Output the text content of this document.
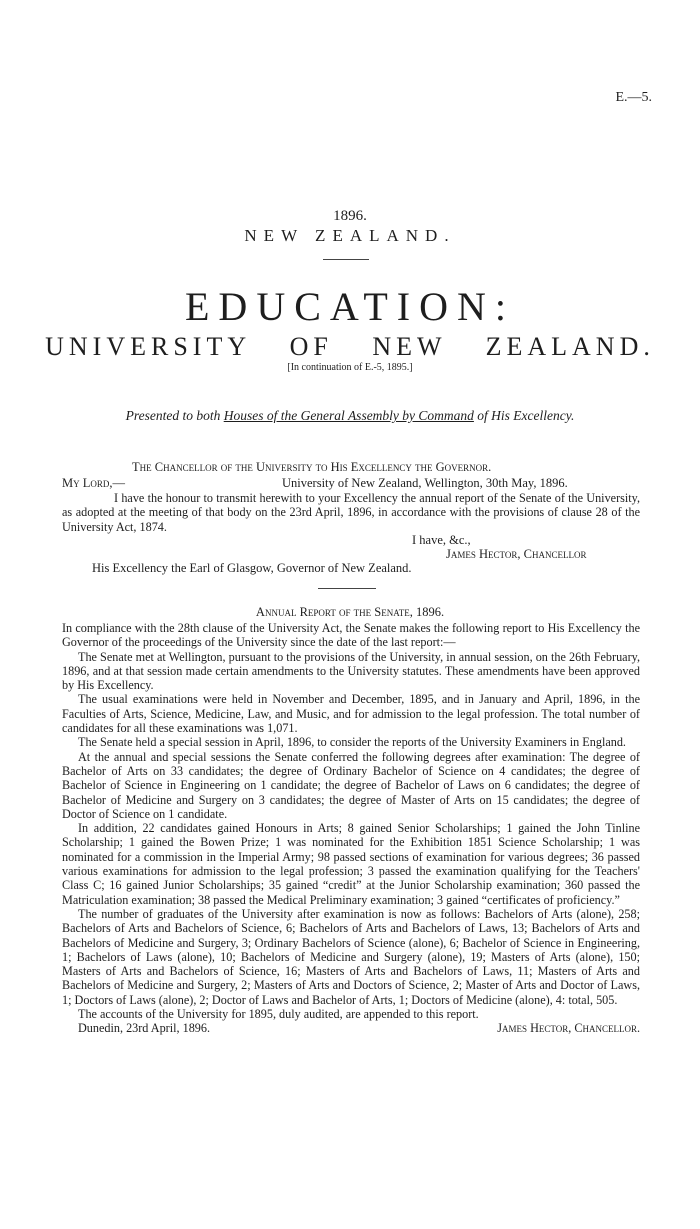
E.—5.
1896.
NEW ZEALAND.
EDUCATION:
UNIVERSITY OF NEW ZEALAND.
[In continuation of E.-5, 1895.]
Presented to both Houses of the General Assembly by Command of His Excellency.
The Chancellor of the University to His Excellency the Governor.
My Lord,—	University of New Zealand, Wellington, 30th May, 1896.

I have the honour to transmit herewith to your Excellency the annual report of the Senate of the University, as adopted at the meeting of that body on the 23rd April, 1896, in accordance with the provisions of clause 28 of the University Act, 1874.

I have, &c.,
James Hector, Chancellor
His Excellency the Earl of Glasgow, Governor of New Zealand.
Annual Report of the Senate, 1896.

In compliance with the 28th clause of the University Act, the Senate makes the following report to His Excellency the Governor of the proceedings of the University since the date of the last report:—

The Senate met at Wellington, pursuant to the provisions of the University, in annual session, on the 26th February, 1896, and at that session made certain amendments to the University statutes. These amendments have been approved by His Excellency.

The usual examinations were held in November and December, 1895, and in January and April, 1896, in the Faculties of Arts, Science, Medicine, Law, and Music, and for admission to the legal profession. The total number of candidates for all these examinations was 1,071.

The Senate held a special session in April, 1896, to consider the reports of the University Examiners in England.

At the annual and special sessions the Senate conferred the following degrees after examination: The degree of Bachelor of Arts on 33 candidates; the degree of Ordinary Bachelor of Science on 4 candidates; the degree of Bachelor of Science in Engineering on 1 candidate; the degree of Bachelor of Laws on 6 candidates; the degree of Bachelor of Medicine and Surgery on 3 candidates; the degree of Master of Arts on 15 candidates; the degree of Doctor of Science on 1 candidate.

In addition, 22 candidates gained Honours in Arts; 8 gained Senior Scholarships; 1 gained the John Tinline Scholarship; 1 gained the Bowen Prize; 1 was nominated for the Exhibition 1851 Science Scholarship; 1 was nominated for a commission in the Imperial Army; 98 passed sections of examination for various degrees; 36 passed various examinations for admission to the legal profession; 3 passed the examination qualifying for the Teachers' Class C; 16 gained Junior Scholarships; 35 gained “credit” at the Junior Scholarship examination; 360 passed the Matriculation examination; 38 passed the Medical Preliminary examination; 3 gained “certificates of proficiency.”

The number of graduates of the University after examination is now as follows: Bachelors of Arts (alone), 258; Bachelors of Arts and Bachelors of Science, 6; Bachelors of Arts and Bachelors of Laws, 13; Bachelors of Arts and Bachelors of Medicine and Surgery, 3; Ordinary Bachelors of Science (alone), 6; Bachelor of Science in Engineering, 1; Bachelors of Laws (alone), 10; Bachelors of Medicine and Surgery (alone), 19; Masters of Arts (alone), 150; Masters of Arts and Bachelors of Science, 16; Masters of Arts and Bachelors of Laws, 11; Masters of Arts and Bachelors of Medicine and Surgery, 2; Masters of Arts and Doctors of Science, 2; Master of Arts and Doctor of Laws, 1; Doctors of Laws (alone), 2; Doctor of Laws and Bachelor of Arts, 1; Doctors of Medicine (alone), 4: total, 505.

The accounts of the University for 1895, duly audited, are appended to this report.

Dunedin, 23rd April, 1896.	James Hector, Chancellor.
